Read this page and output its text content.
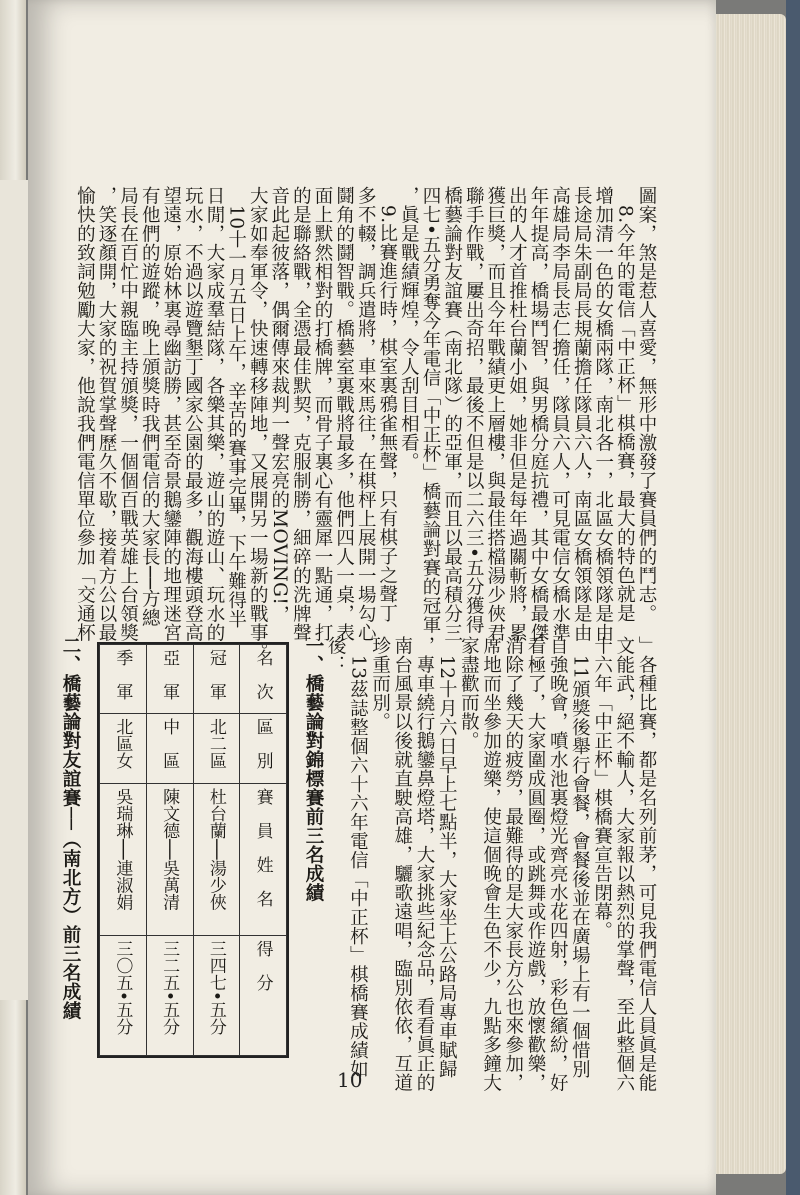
圖案，煞是惹人喜愛，無形中激發了賽員們的鬥志。
　8.今年的電信「中正杯」棋橋賽，最大的特色就是
增加清一色的女橋兩隊，南北各一，北區女橋領隊是由
長途局朱副局長規蘭擔任隊員六人，南區女橋領隊是由
高雄局李局長志仁擔任，隊員六人，可見電信女橋水準
年年提高，橋場鬥智，與男橋分庭抗禮，其中女橋最傑
出的人才首推杜台蘭小姐，她非但是每年過關斬將，累
獲巨獎，而且今年戰績更上層樓，與最佳搭檔湯少俠君
聯手作戰，屢出奇招，最後不但是以二六三•五分獲得
橋藝論對友誼賽（南北隊）的亞軍，而且以最高積分三
四七•五分勇奪今年電信「中正杯」橋藝論對賽的冠軍
，眞是戰績輝煌，令人刮目相看。
　9.比賽進行時，棋室裏鴉雀無聲，只有棋子之聲丁
多不輟，調兵遣將，車來馬往，在棋枰上展開一場勾心
鬪角的鬪智戰。橋藝室裏戰將最多，他們四人一桌，表
面上默然相對的打橋牌，而骨子裏心有靈犀一點通，打
的是聯絡戰，全憑最佳默契，克服制勝，細碎的洗牌聲
音此起彼落，偶爾傳來裁判一聲宏亮的MOVING!，
大家如奉軍令，快速轉移陣地，又展開另一場新的戰事。
　10十一月五日上午，辛苦的賽事完畢，下午難得半
日閒，大家成羣結隊，各樂其樂，遊山的遊山、玩水的
玩水，不過以遊覽墾丁國家公園的最多，觀海樓頭登高
望遠，原始林裏尋幽訪勝，甚至奇景鵝鑾陣的地理迷宮
有他們的遊蹤，晚上頒獎時我們電信的大家長──方總
局長在百忙中親臨主持頒獎，一個個百戰英雄上台領獎
，笑逐顏開，大家的祝賀掌聲歷久不歇，接着方公以最
愉快的致詞勉勵大家，他說我們電信單位參加「交通杯
」各種比賽，都是名列前茅，可見我們電信人員眞是能
文能武，絕不輸人，大家報以熱烈的掌聲，至此整個六
十六年「中正杯」棋橋賽宣告閉幕。
　11頒獎後舉行會餐，會餐後並在廣場上有一個惜別
自強晚會，噴水池裏燈光齊亮水花四射，彩色繽紛，好
看極了，大家圍成圓圈，或跳舞或作遊戲，放懷歡樂，
消除了幾天的疲勞，最難得的是大家長方公也來參加，
席地而坐參加遊樂，使這個晚會生色不少，九點多鐘大
家盡歡而散。
　12十月六日早上七點半，大家坐上公路局專車賦歸
，專車繞行鵝鑾鼻燈塔，大家挑些紀念品，看看眞正的
南台風景以後就直駛高雄，驪歌遠唱，臨別依依，互道
珍重而別。
　13茲誌整個六十六年電信「中正杯」棋橋賽成績如
後：
一、橋藝論對錦標賽前三名成績
名　次	區　別	賽　員　姓　名	得　分
冠　軍	北二區	杜台蘭──湯少俠	三四七•五分
亞　軍	中　區	陳文德──吳萬清	三二五•五分
季　軍	北區女	吳瑞琳──連淑娟	三〇五•五分
二、橋藝論對友誼賽──（南北方）前三名成績
10
